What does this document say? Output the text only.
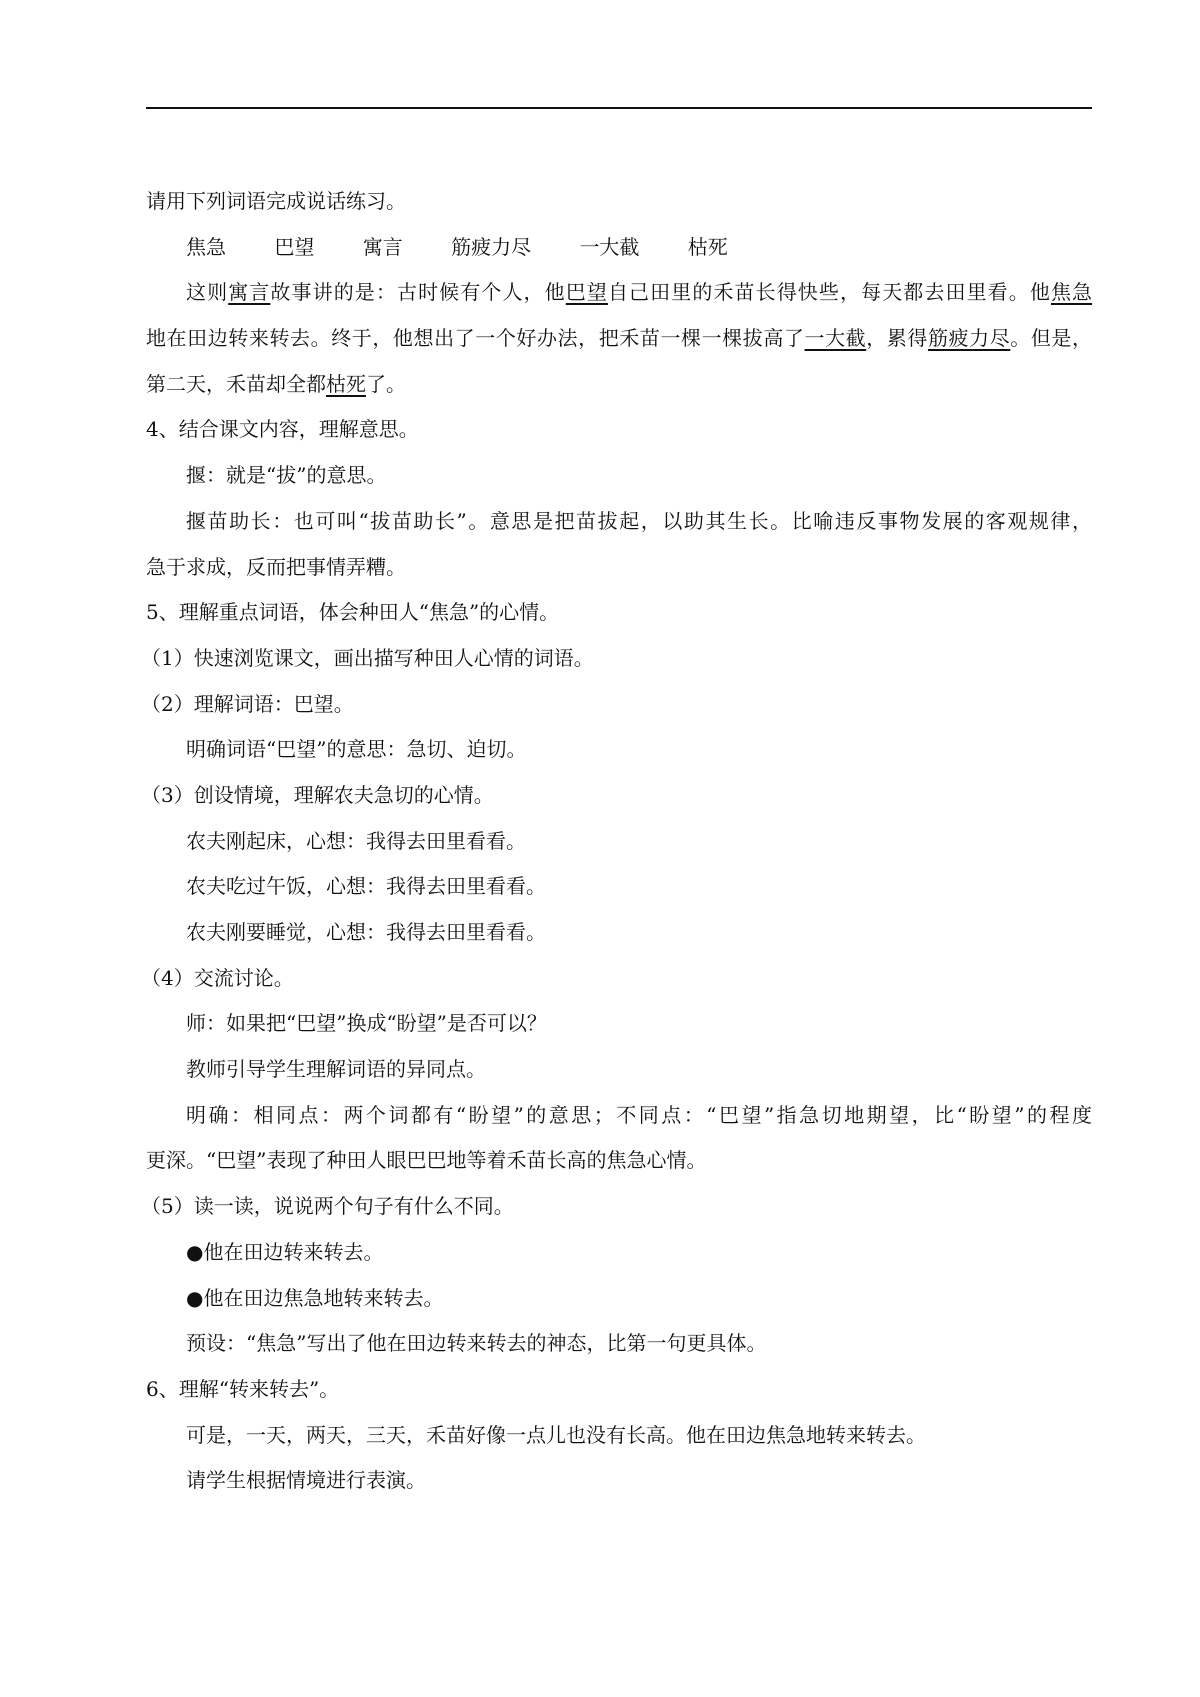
请用下列词语完成说话练习。
焦急 巴望 寓言 筋疲力尽 一大截 枯死
这则寓言故事讲的是：古时候有个人，他巴望自己田里的禾苗长得快些，每天都去田里看。他焦急
地在田边转来转去。终于，他想出了一个好办法，把禾苗一棵一棵拔高了一大截，累得筋疲力尽。但是，
第二天，禾苗却全都枯死了。
4、结合课文内容，理解意思。
揠：就是“拔”的意思。
揠苗助长：也可叫“拔苗助长”。意思是把苗拔起，以助其生长。比喻违反事物发展的客观规律，
急于求成，反而把事情弄糟。
5、理解重点词语，体会种田人“焦急”的心情。
（1）快速浏览课文，画出描写种田人心情的词语。
（2）理解词语：巴望。
明确词语“巴望”的意思：急切、迫切。
（3）创设情境，理解农夫急切的心情。
农夫刚起床，心想：我得去田里看看。
农夫吃过午饭，心想：我得去田里看看。
农夫刚要睡觉，心想：我得去田里看看。
（4）交流讨论。
师：如果把“巴望”换成“盼望”是否可以？
教师引导学生理解词语的异同点。
明确：相同点：两个词都有“盼望”的意思；不同点：“巴望”指急切地期望，比“盼望”的程度
更深。“巴望”表现了种田人眼巴巴地等着禾苗长高的焦急心情。
（5）读一读，说说两个句子有什么不同。
●他在田边转来转去。
●他在田边焦急地转来转去。
预设：“焦急”写出了他在田边转来转去的神态，比第一句更具体。
6、理解“转来转去”。
可是，一天，两天，三天，禾苗好像一点儿也没有长高。他在田边焦急地转来转去。
请学生根据情境进行表演。
